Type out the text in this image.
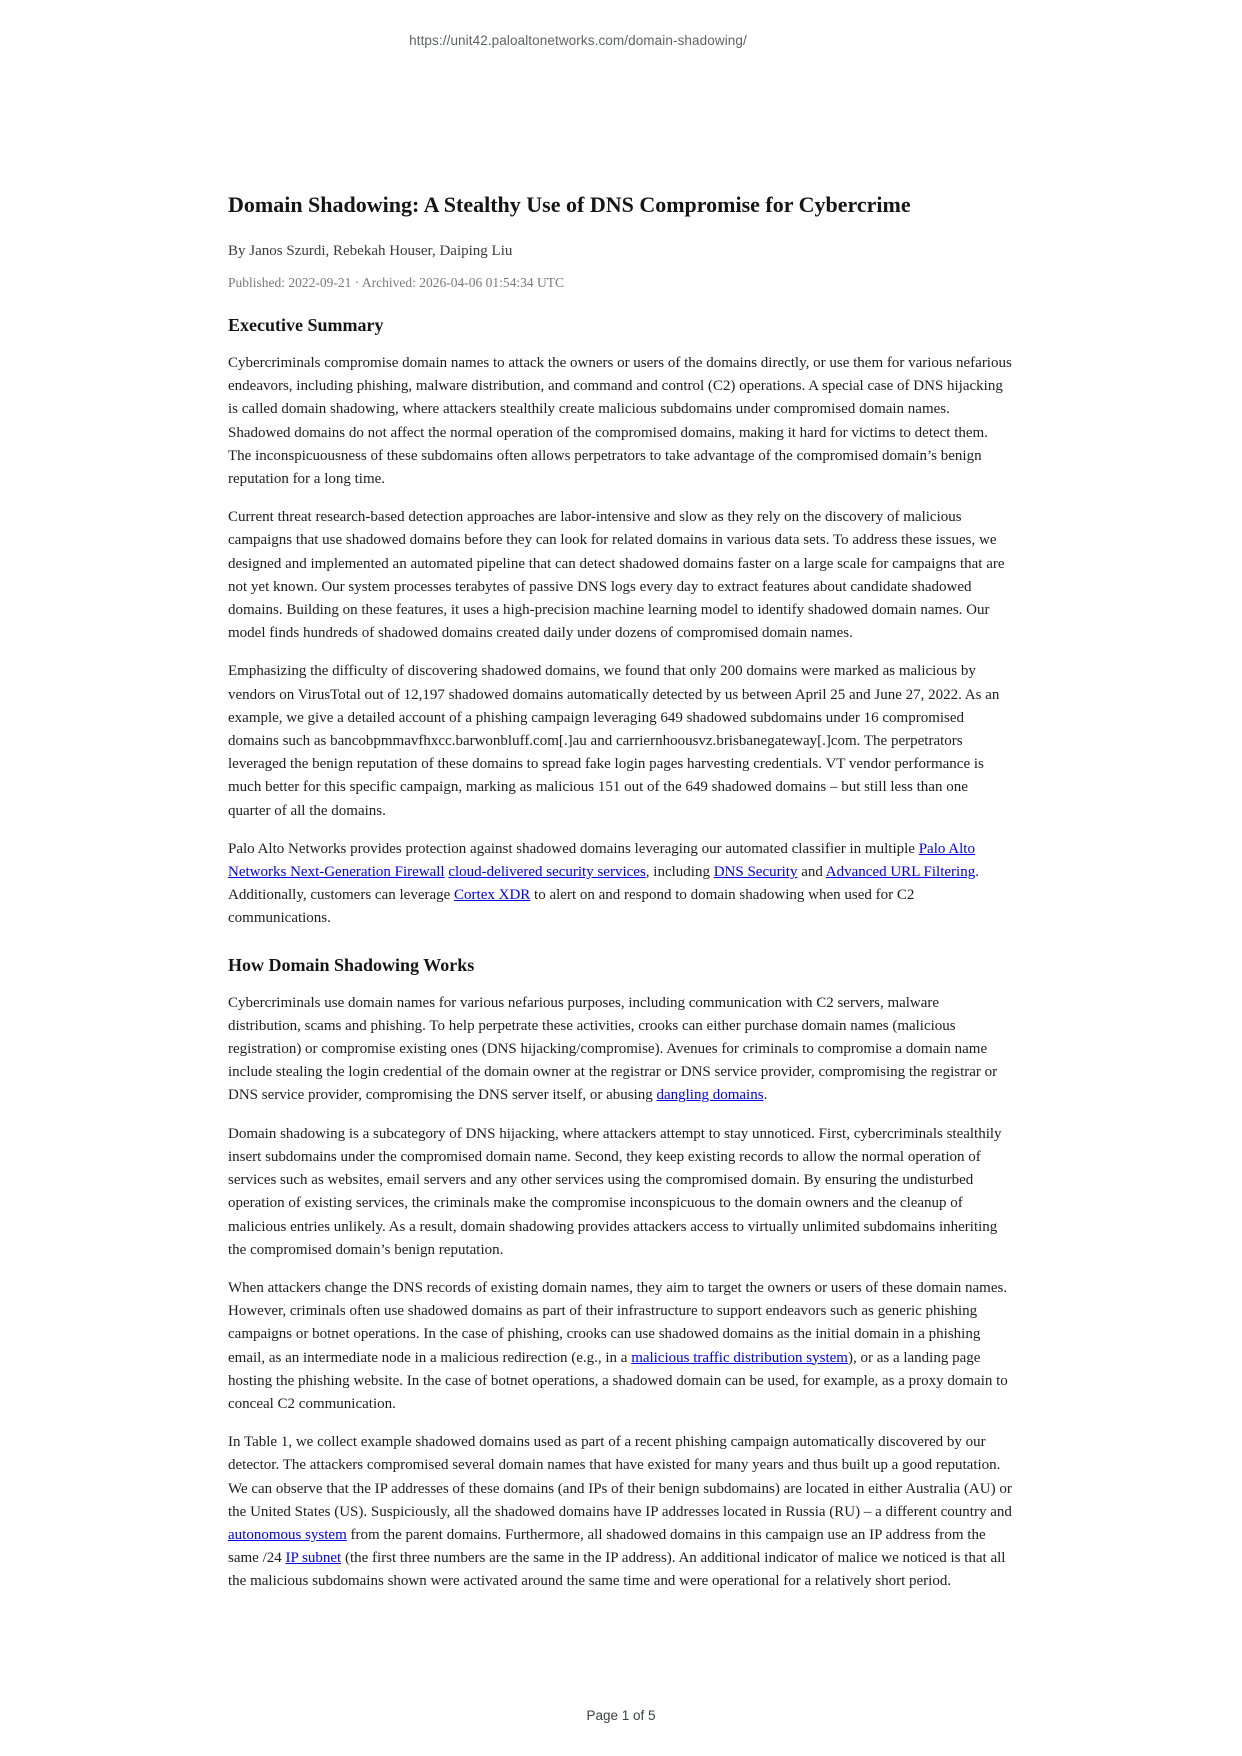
https://unit42.paloaltonetworks.com/domain-shadowing/
Domain Shadowing: A Stealthy Use of DNS Compromise for Cybercrime
By Janos Szurdi, Rebekah Houser, Daiping Liu
Published: 2022-09-21 · Archived: 2026-04-06 01:54:34 UTC
Executive Summary

Cybercriminals compromise domain names to attack the owners or users of the domains directly, or use them for various nefarious endeavors, including phishing, malware distribution, and command and control (C2) operations. A special case of DNS hijacking is called domain shadowing, where attackers stealthily create malicious subdomains under compromised domain names. Shadowed domains do not affect the normal operation of the compromised domains, making it hard for victims to detect them. The inconspicuousness of these subdomains often allows perpetrators to take advantage of the compromised domain’s benign reputation for a long time.

Current threat research-based detection approaches are labor-intensive and slow as they rely on the discovery of malicious campaigns that use shadowed domains before they can look for related domains in various data sets. To address these issues, we designed and implemented an automated pipeline that can detect shadowed domains faster on a large scale for campaigns that are not yet known. Our system processes terabytes of passive DNS logs every day to extract features about candidate shadowed domains. Building on these features, it uses a high-precision machine learning model to identify shadowed domain names. Our model finds hundreds of shadowed domains created daily under dozens of compromised domain names.

Emphasizing the difficulty of discovering shadowed domains, we found that only 200 domains were marked as malicious by vendors on VirusTotal out of 12,197 shadowed domains automatically detected by us between April 25 and June 27, 2022. As an example, we give a detailed account of a phishing campaign leveraging 649 shadowed subdomains under 16 compromised domains such as bancobpmmavfhxcc.barwonbluff.com[.]au and carriernhoousvz.brisbanegateway[.]com. The perpetrators leveraged the benign reputation of these domains to spread fake login pages harvesting credentials. VT vendor performance is much better for this specific campaign, marking as malicious 151 out of the 649 shadowed domains – but still less than one quarter of all the domains.

Palo Alto Networks provides protection against shadowed domains leveraging our automated classifier in multiple Palo Alto Networks Next-Generation Firewall cloud-delivered security services, including DNS Security and Advanced URL Filtering. Additionally, customers can leverage Cortex XDR to alert on and respond to domain shadowing when used for C2 communications.

How Domain Shadowing Works

Cybercriminals use domain names for various nefarious purposes, including communication with C2 servers, malware distribution, scams and phishing. To help perpetrate these activities, crooks can either purchase domain names (malicious registration) or compromise existing ones (DNS hijacking/compromise). Avenues for criminals to compromise a domain name include stealing the login credential of the domain owner at the registrar or DNS service provider, compromising the registrar or DNS service provider, compromising the DNS server itself, or abusing dangling domains.

Domain shadowing is a subcategory of DNS hijacking, where attackers attempt to stay unnoticed. First, cybercriminals stealthily insert subdomains under the compromised domain name. Second, they keep existing records to allow the normal operation of services such as websites, email servers and any other services using the compromised domain. By ensuring the undisturbed operation of existing services, the criminals make the compromise inconspicuous to the domain owners and the cleanup of malicious entries unlikely. As a result, domain shadowing provides attackers access to virtually unlimited subdomains inheriting the compromised domain’s benign reputation.

When attackers change the DNS records of existing domain names, they aim to target the owners or users of these domain names. However, criminals often use shadowed domains as part of their infrastructure to support endeavors such as generic phishing campaigns or botnet operations. In the case of phishing, crooks can use shadowed domains as the initial domain in a phishing email, as an intermediate node in a malicious redirection (e.g., in a malicious traffic distribution system), or as a landing page hosting the phishing website. In the case of botnet operations, a shadowed domain can be used, for example, as a proxy domain to conceal C2 communication.

In Table 1, we collect example shadowed domains used as part of a recent phishing campaign automatically discovered by our detector. The attackers compromised several domain names that have existed for many years and thus built up a good reputation. We can observe that the IP addresses of these domains (and IPs of their benign subdomains) are located in either Australia (AU) or the United States (US). Suspiciously, all the shadowed domains have IP addresses located in Russia (RU) – a different country and autonomous system from the parent domains. Furthermore, all shadowed domains in this campaign use an IP address from the same /24 IP subnet (the first three numbers are the same in the IP address). An additional indicator of malice we noticed is that all the malicious subdomains shown were activated around the same time and were operational for a relatively short period.

Page 1 of 5
